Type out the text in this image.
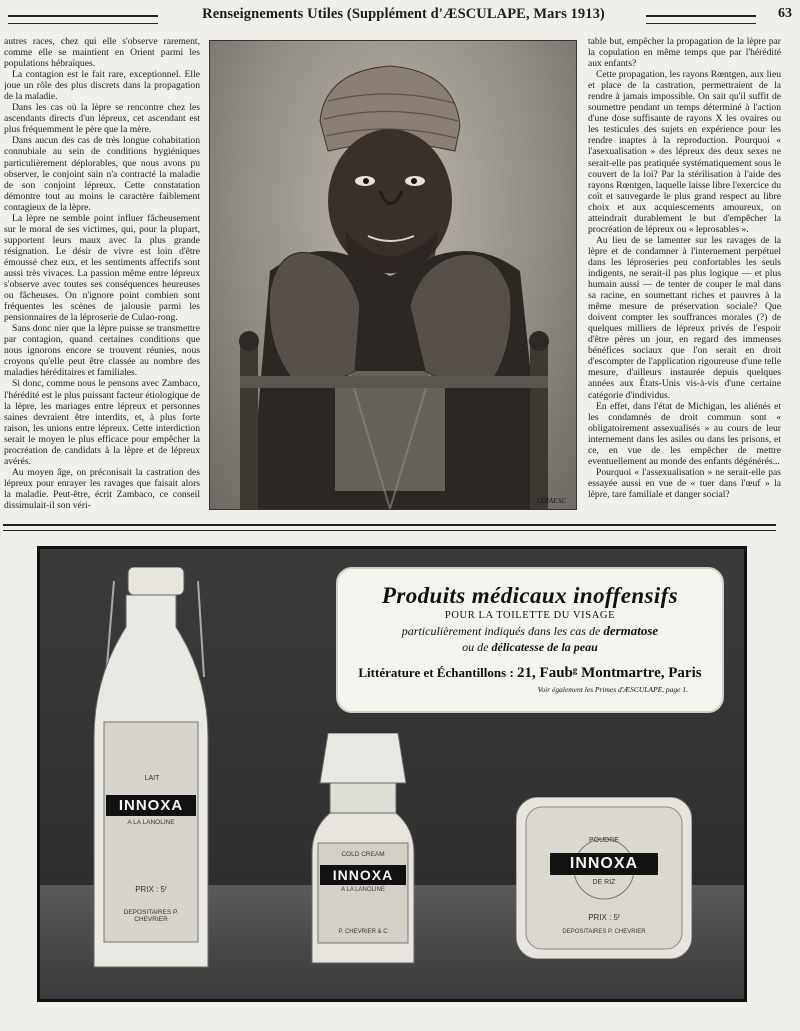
Renseignements Utiles (Supplément d'ÆSCULAPE, Mars 1913)	63

autres races, chez qui elle s'observe rarement, comme elle se maintient en Orient parmi les populations hébraïques.

La contagion est le fait rare, exceptionnel. Elle joue un rôle des plus discrets dans la propagation de la maladie.

Dans les cas où la lèpre se rencontre chez les ascendants directs d'un lépreux, cet ascendant est plus fréquemment le père que la mère.

Dans aucun des cas de très longue cohabitation connubiale au sein de conditions hygiéniques particulièrement déplorables, que nous avons pu observer, le conjoint sain n'a contracté la maladie de son conjoint lépreux. Cette constatation démontre tout au moins le caractère faiblement contagieux de la lèpre.

La lèpre ne semble point influer fâcheusement sur le moral de ses victimes, qui, pour la plupart, supportent leurs maux avec la plus grande résignation. Le désir de vivre est loin d'être émoussé chez eux, et les sentiments affectifs sont aussi très vivaces. La passion même entre lépreux s'observe avec toutes ses conséquences heureuses ou fâcheuses. On n'ignore point combien sont fréquentes les scènes de jalousie parmi les pensionnaires de la léproserie de Culao-rong.

Sans donc nier que la lèpre puisse se transmettre par contagion, quand certaines conditions que nous ignorons encore se trouvent réunies, nous croyons qu'elle peut être classée au nombre des maladies héréditaires et familiales.

Si donc, comme nous le pensons avec Zambaco, l'hérédité est le plus puissant facteur étiologique de la lèpre, les mariages entre lépreux et personnes saines devraient être interdits, et, à plus forte raison, les unions entre lépreux. Cette interdiction serait le moyen le plus efficace pour empêcher la procréation de candidats à la lèpre et de lépreux avérés.

Au moyen âge, on préconisait la castration des lépreux pour enrayer les ravages que faisait alors la maladie. Peut-être, écrit Zambaco, ce conseil dissimulait-il son véri-	LERAY.SC

table but, empêcher la propagation de la lèpre par la copulation en même temps que par l'hérédité aux enfants?

Cette propagation, les rayons Rœntgen, aux lieu et place de la castration, permettraient de la rendre à jamais impossible. On sait qu'il suffit de soumettre pendant un temps déterminé à l'action d'une dose suffisante de rayons X les ovaires ou les testicules des sujets en expérience pour les rendre inaptes à la reproduction. Pourquoi « l'asexualisation » des lépreux des deux sexes ne serait-elle pas pratiquée systématiquement sous le couvert de la loi? Par la stérilisation à l'aide des rayons Rœntgen, laquelle laisse libre l'exercice du coït et sauvegarde le plus grand respect au libre choix et aux acquiescements amoureux, on atteindrait durablement le but d'empêcher la procréation de lépreux ou « leprosables ».

Au lieu de se lamenter sur les ravages de la lèpre et de condamner à l'internement perpétuel dans les léproseries peu confortables les seuls indigents, ne serait-il pas plus logique — et plus humain aussi — de tenter de couper le mal dans sa racine, en soumettant riches et pauvres à la même mesure de préservation sociale? Que doivent compter les souffrances morales (?) de quelques milliers de lépreux privés de l'espoir d'être pères un jour, en regard des immenses bénéfices sociaux que l'on serait en droit d'escompter de l'application rigoureuse d'une telle mesure, d'ailleurs instaurée depuis quelques années aux États-Unis vis-à-vis d'une certaine catégorie d'individus.

En effet, dans l'état de Michigan, les aliénés et les condamnés de droit commun sont « obligatoirement assexualisés » au cours de leur internement dans les asiles ou dans les prisons, et ce, en vue de les empêcher de mettre eventuellement au monde des enfants dégénérés...

Pourquoi « l'assexualisation » ne serait-elle pas essayée aussi en vue de « tuer dans l'œuf » la lèpre, tare familiale et danger social?

Produits médicaux inoffensifs
POUR LA TOILETTE DU VISAGE
particulièrement indiqués dans les cas de dermatose
ou de délicatesse de la peau
Littérature et Échantillons : 21, Faubᵍ Montmartre, Paris
Voir également les Primes d'ÆSCULAPE, page 1.
LAIT
INNOXA
A LA LANOLINE
PRIX : 5ᶠ
DEPOSITAIRES P. CHEVRIER
COLD CREAM
INNOXA
A LA LANOLINE
P. CHEVRIER & C
POUDRE
INNOXA
DE RIZ
PRIX : 5ᶠ
DEPOSITAIRES P. CHEVRIER
